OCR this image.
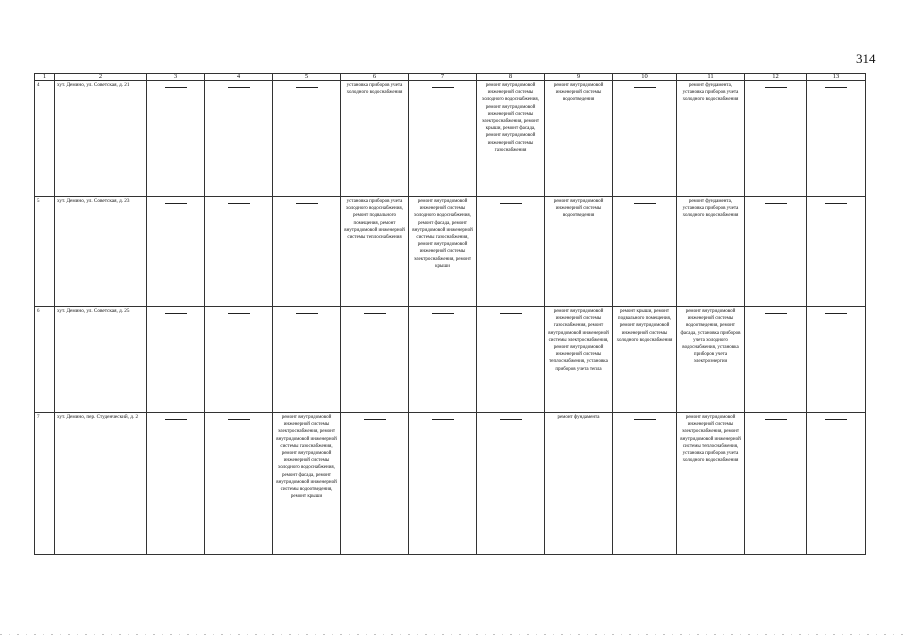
314
1	2	3	4	5	6	7	8	9	10	11	12	13

4	хут. Демино, ул. Советская, д. 21				установка приборов учета холодного водоснабжения		ремонт внутридомовой инженерной системы холодного водоснабжения, ремонт внутридомовой инженерной системы электроснабжения, ремонт крыши, ремонт фасада, ремонт внутридомовой инженерной системы газоснабжения	ремонт внутридомовой инженерной системы водоотведения		ремонт фундамента, установка приборов учета холодного водоснабжения		

5	хут. Демино, ул. Советская, д. 23				установка приборов учета холодного водоснабжения, ремонт подвального помещения, ремонт внутридомовой инженерной системы теплоснабжения	ремонт внутридомовой инженерной системы холодного водоснабжения, ремонт фасада, ремонт внутридомовой инженерной системы газоснабжения, ремонт внутридомовой инженерной системы электроснабжения, ремонт крыши		ремонт внутридомовой инженерной системы водоотведения		ремонт фундамента, установка приборов учета холодного водоснабжения		

6	хут. Демино, ул. Советская, д. 25							ремонт внутридомовой инженерной системы газоснабжения, ремонт внутридомовой инженерной системы электроснабжения, ремонт внутридомовой инженерной системы теплоснабжения, установка приборов учета тепла	ремонт крыши, ремонт подвального помещения, ремонт внутридомовой инженерной системы холодного водоснабжения	ремонт внутридомовой инженерной системы водоотведения, ремонт фасада, установка приборов учета холодного водоснабжения, установка приборов учета электроэнергии		

7	хут. Демино, пер. Студенческий, д. 2			ремонт внутридомовой инженерной системы электроснабжения, ремонт внутридомовой инженерной системы газоснабжения, ремонт внутридомовой инженерной системы холодного водоснабжения, ремонт фасада, ремонт внутридомовой инженерной системы водоотведения, ремонт крыши				ремонт фундамента		ремонт внутридомовой инженерной системы электроснабжения, ремонт внутридомовой инженерной системы теплоснабжения, установка приборов учета холодного водоснабжения		
